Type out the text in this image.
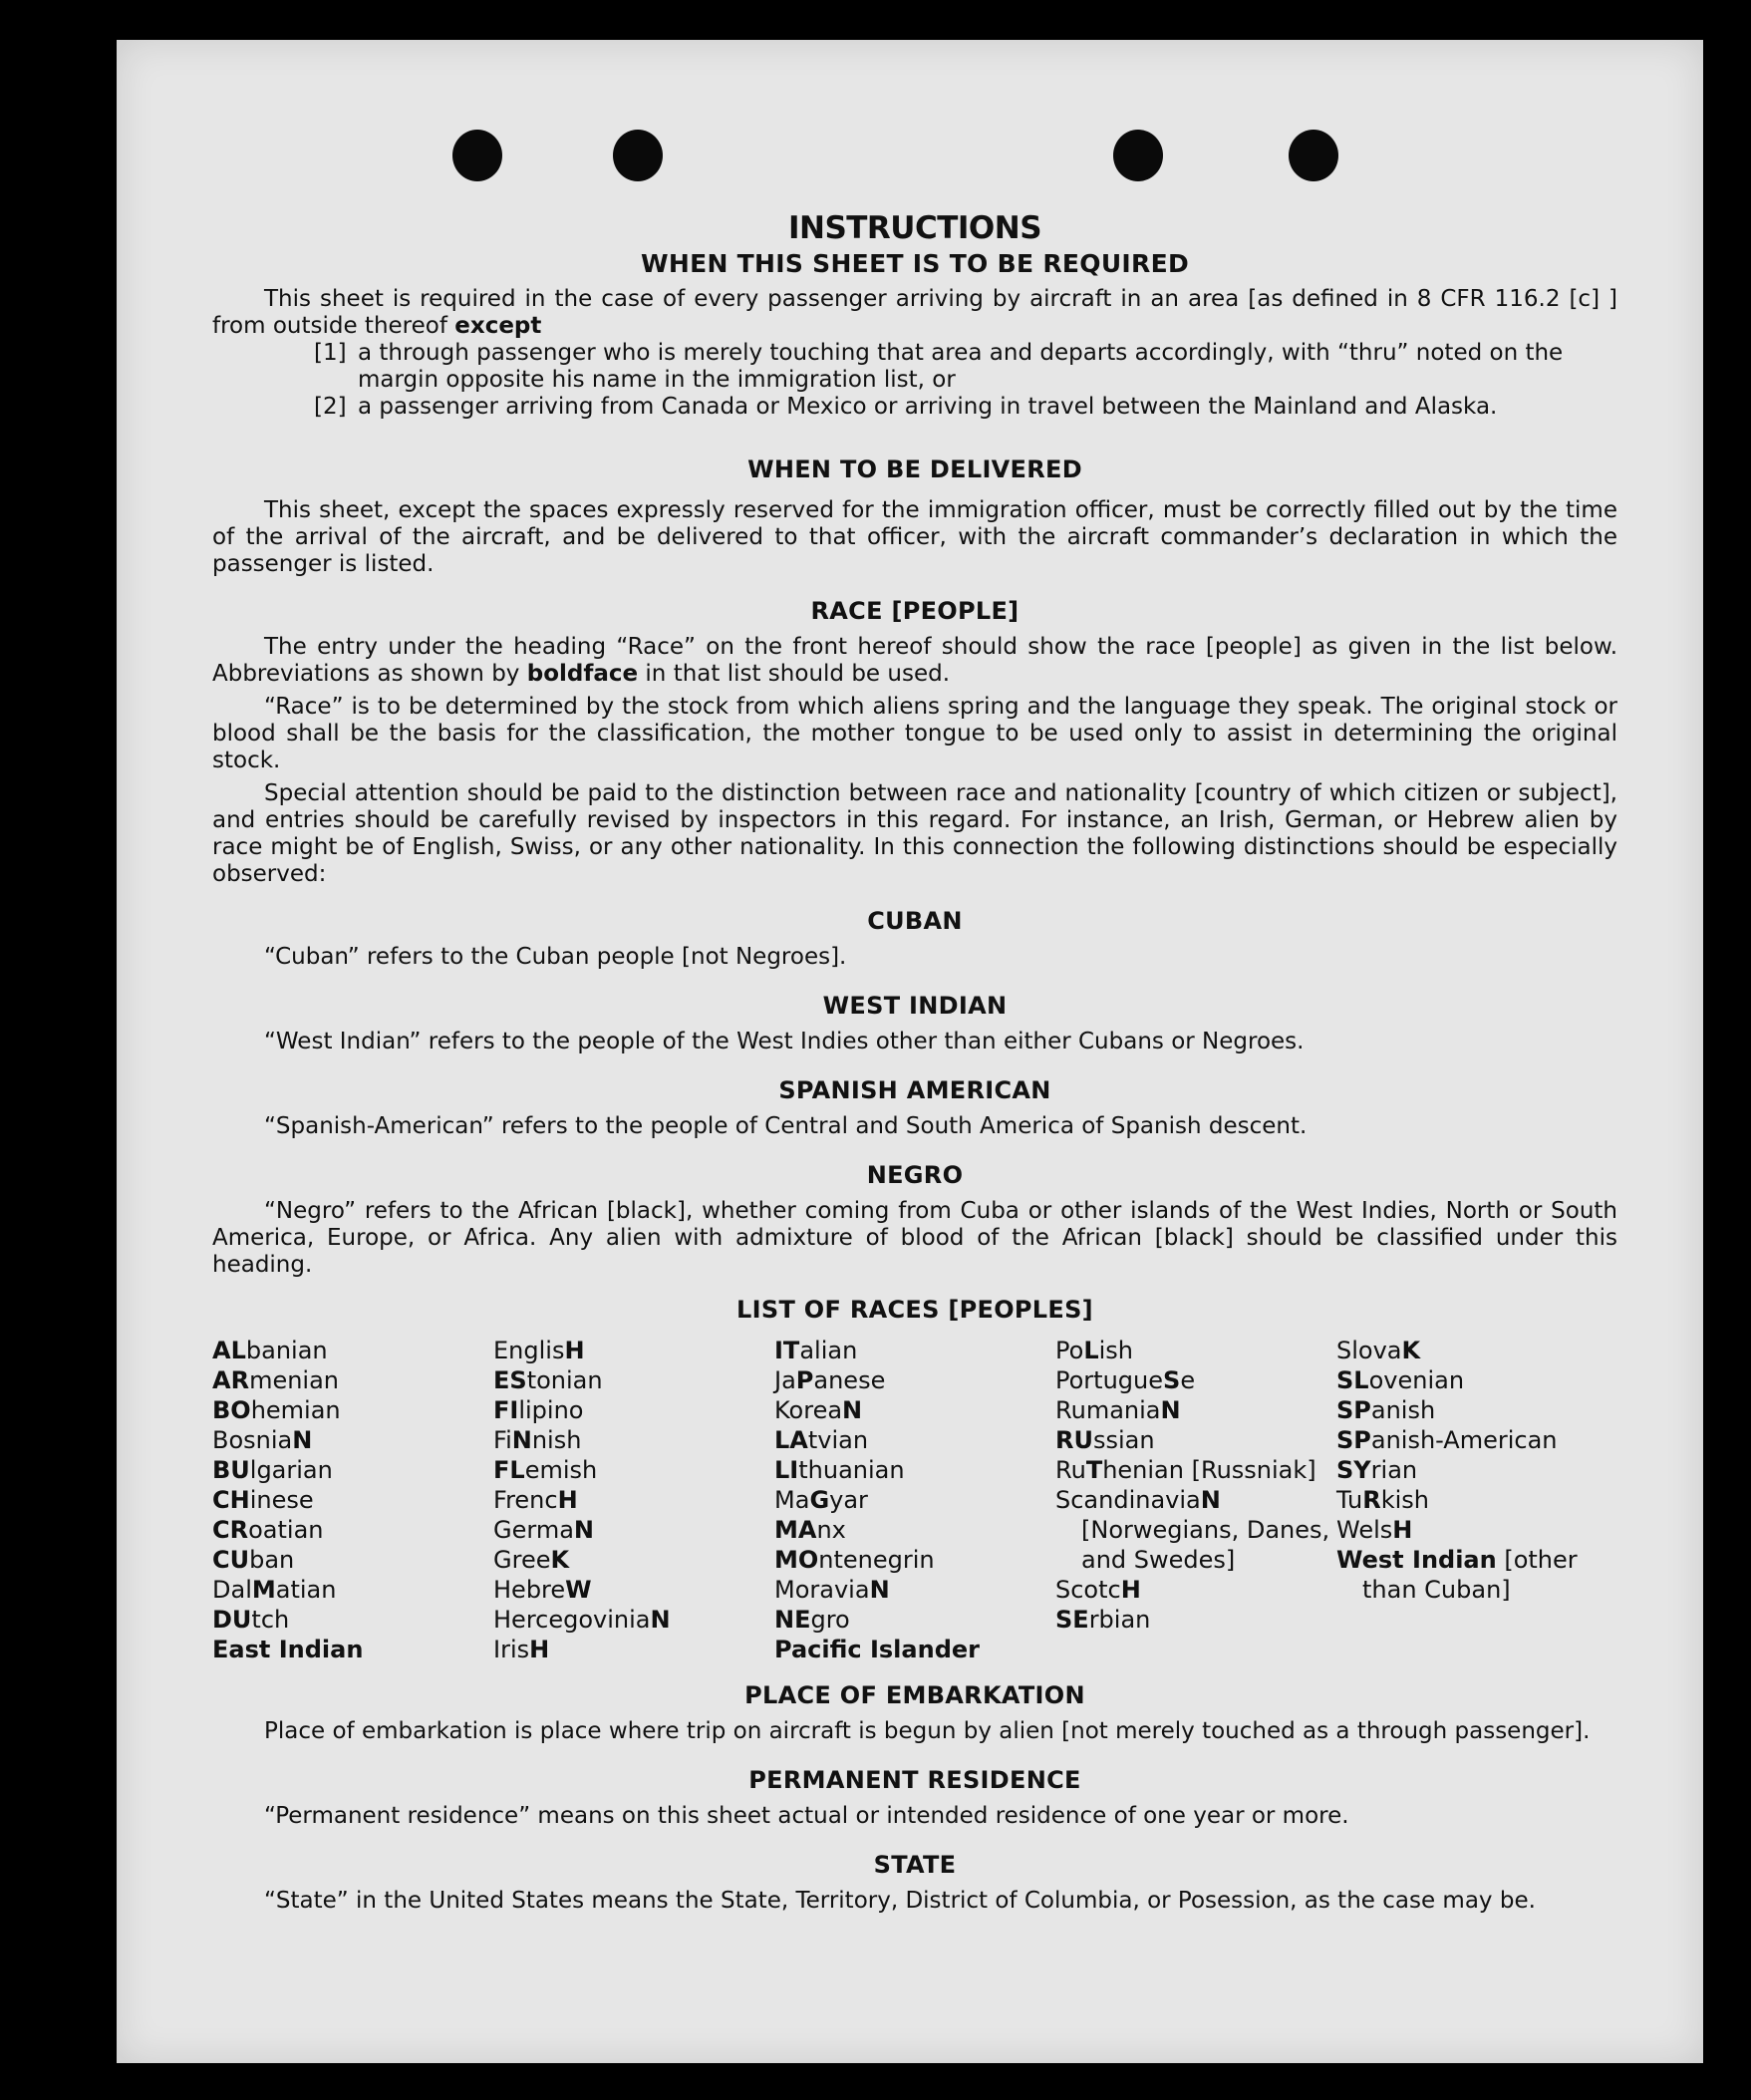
INSTRUCTIONS
WHEN THIS SHEET IS TO BE REQUIRED

This sheet is required in the case of every passenger arriving by aircraft in an area [as defined in 8 CFR 116.2 [c] ] from outside thereof except

[1] a through passenger who is merely touching that area and departs accordingly, with “thru” noted on the margin opposite his name in the immigration list, or
[2] a passenger arriving from Canada or Mexico or arriving in travel between the Mainland and Alaska.
WHEN TO BE DELIVERED

This sheet, except the spaces expressly reserved for the immigration officer, must be correctly filled out by the time of the arrival of the aircraft, and be delivered to that officer, with the aircraft commander’s declaration in which the passenger is listed.

RACE [PEOPLE]

The entry under the heading “Race” on the front hereof should show the race [people] as given in the list below. Abbreviations as shown by boldface in that list should be used.

“Race” is to be determined by the stock from which aliens spring and the language they speak. The original stock or blood shall be the basis for the classification, the mother tongue to be used only to assist in determining the original stock.

Special attention should be paid to the distinction between race and nationality [country of which citizen or subject], and entries should be carefully revised by inspectors in this regard. For instance, an Irish, German, or Hebrew alien by race might be of English, Swiss, or any other nationality. In this connection the following distinctions should be especially observed:

CUBAN

“Cuban” refers to the Cuban people [not Negroes].

WEST INDIAN

“West Indian” refers to the people of the West Indies other than either Cubans or Negroes.

SPANISH AMERICAN

“Spanish-American” refers to the people of Central and South America of Spanish descent.

NEGRO

“Negro” refers to the African [black], whether coming from Cuba or other islands of the West Indies, North or South America, Europe, or Africa. Any alien with admixture of blood of the African [black] should be classified under this heading.

LIST OF RACES [PEOPLES]
ALbanian
ARmenian
BOhemian
BosniaN
BUlgarian
CHinese
CRoatian
CUban
DalMatian
DUtch
East Indian
EnglisH
EStonian
FIlipino
FiNnish
FLemish
FrencH
GermaN
GreeK
HebreW
HercegoviniaN
IrisH
ITalian
JaPanese
KoreaN
LAtvian
LIthuanian
MaGyar
MAnx
MOntenegrin
MoraviaN
NEgro
Pacific Islander
PoLish
PortugueSe
RumaniaN
RUssian
RuThenian [Russniak]
ScandinaviaN [Norwegians, Danes, and Swedes]
ScotcH
SErbian
SlovaK
SLovenian
SPanish
SPanish-American
SYrian
TuRkish
WelsH
West Indian [other than Cuban]
PLACE OF EMBARKATION

Place of embarkation is place where trip on aircraft is begun by alien [not merely touched as a through passenger].

PERMANENT RESIDENCE

“Permanent residence” means on this sheet actual or intended residence of one year or more.

STATE

“State” in the United States means the State, Territory, District of Columbia, or Posession, as the case may be.
